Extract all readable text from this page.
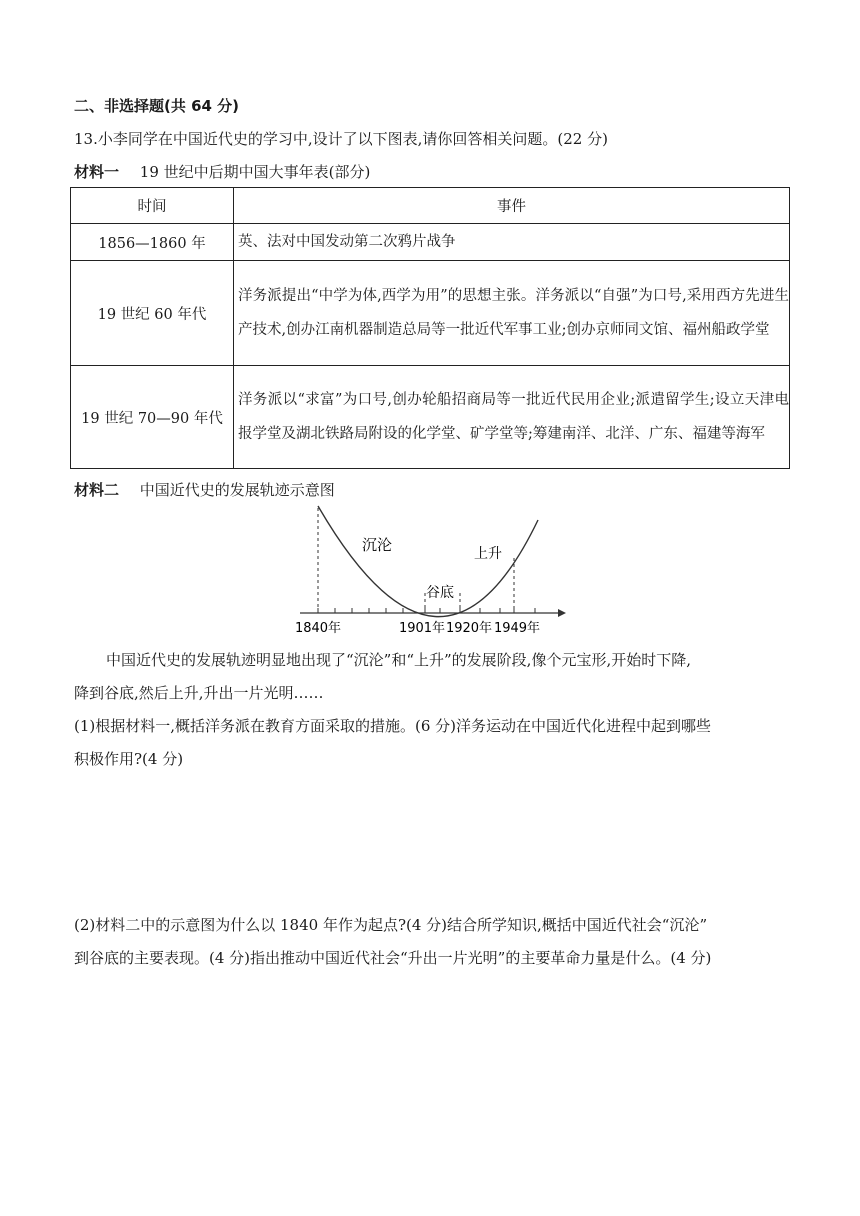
二、非选择题(共 64 分)
13.小李同学在中国近代史的学习中,设计了以下图表,请你回答相关问题。(22 分)
材料一 19 世纪中后期中国大事年表(部分)
时间	事件
1856—1860 年	英、法对中国发动第二次鸦片战争
19 世纪 60 年代	洋务派提出“中学为体,西学为用”的思想主张。洋务派以“自强”为口号,采用西方先进生产技术,创办江南机器制造总局等一批近代军事工业;创办京师同文馆、福州船政学堂
19 世纪 70—90 年代	洋务派以“求富”为口号,创办轮船招商局等一批近代民用企业;派遣留学生;设立天津电报学堂及湖北铁路局附设的化学堂、矿学堂等;筹建南洋、北洋、广东、福建等海军
材料二 中国近代史的发展轨迹示意图
沉沦
谷底
上升
1840年	1901年 1920年 1949年
中国近代史的发展轨迹明显地出现了“沉沦”和“上升”的发展阶段,像个元宝形,开始时下降,
降到谷底,然后上升,升出一片光明……
(1)根据材料一,概括洋务派在教育方面采取的措施。(6 分)洋务运动在中国近代化进程中起到哪些
积极作用?(4 分)
(2)材料二中的示意图为什么以 1840 年作为起点?(4 分)结合所学知识,概括中国近代社会“沉沦”
到谷底的主要表现。(4 分)指出推动中国近代社会“升出一片光明”的主要革命力量是什么。(4 分)
